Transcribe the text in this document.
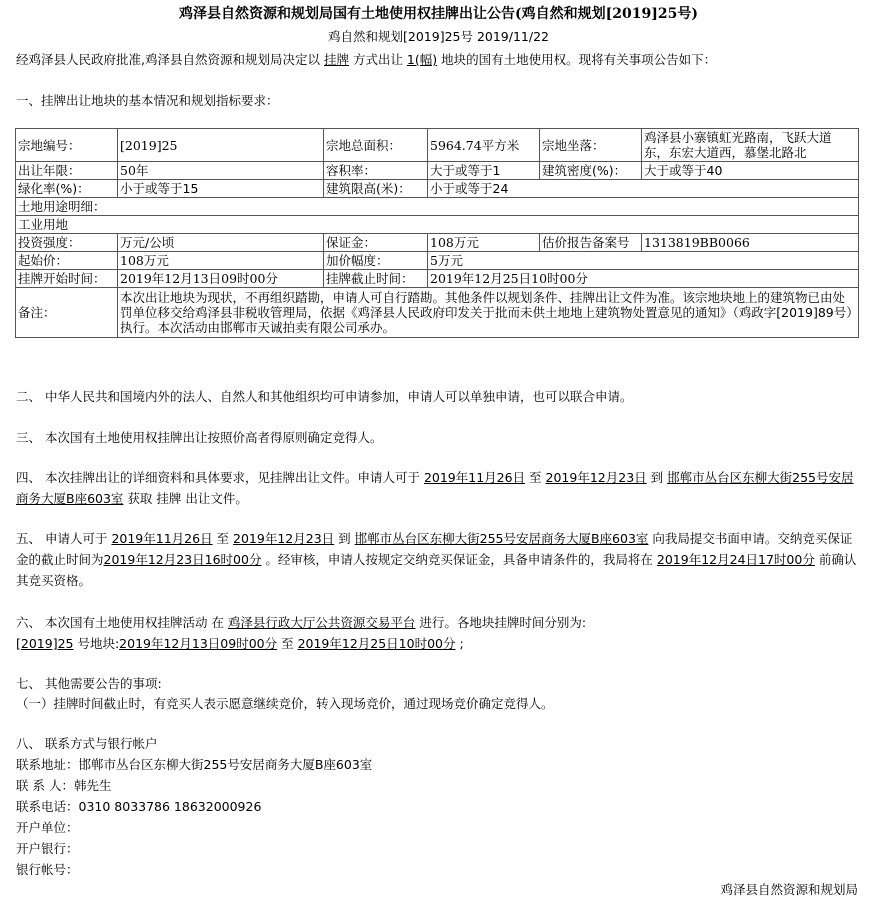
鸡泽县自然资源和规划局国有土地使用权挂牌出让公告(鸡自然和规划[2019]25号)
鸡自然和规划[2019]25号 2019/11/22
经鸡泽县人民政府批准,鸡泽县自然资源和规划局决定以 挂牌 方式出让 1(幅) 地块的国有土地使用权。现将有关事项公告如下：
一、挂牌出让地块的基本情况和规划指标要求：
宗地编号：	[2019]25	宗地总面积：	5964.74平方米	宗地坐落：	鸡泽县小寨镇虹光路南，飞跃大道东，东宏大道西，慕堡北路北
出让年限：	50年	容积率：	大于或等于1	建筑密度(%)：	大于或等于40
绿化率(%)：	小于或等于15	建筑限高(米)：	小于或等于24		
土地用途明细：					
工业用地					
投资强度：	万元/公顷	保证金：	108万元	估价报告备案号	1313819BB0066
起始价：	108万元	加价幅度：	5万元		
挂牌开始时间：	2019年12月13日09时00分	挂牌截止时间：	2019年12月25日10时00分		
备注：	本次出让地块为现状，不再组织踏勘，申请人可自行踏勘。其他条件以规划条件、挂牌出让文件为准。该宗地块地上的建筑物已由处罚单位移交给鸡泽县非税收管理局，依据《鸡泽县人民政府印发关于批而未供土地地上建筑物处置意见的通知》（鸡政字[2019]89号）执行。本次活动由邯郸市天诚拍卖有限公司承办。				
二、 中华人民共和国境内外的法人、自然人和其他组织均可申请参加，申请人可以单独申请，也可以联合申请。
三、 本次国有土地使用权挂牌出让按照价高者得原则确定竞得人。
四、 本次挂牌出让的详细资料和具体要求，见挂牌出让文件。申请人可于 2019年11月26日 至 2019年12月23日 到 邯郸市丛台区东柳大街255号安居商务大厦B座603室 获取 挂牌 出让文件。
五、 申请人可于 2019年11月26日 至 2019年12月23日 到 邯郸市丛台区东柳大街255号安居商务大厦B座603室 向我局提交书面申请。交纳竞买保证金的截止时间为2019年12月23日16时00分 。经审核，申请人按规定交纳竞买保证金，具备申请条件的，我局将在 2019年12月24日17时00分 前确认其竞买资格。
六、 本次国有土地使用权挂牌活动 在 鸡泽县行政大厅公共资源交易平台 进行。各地块挂牌时间分别为:
[2019]25 号地块:2019年12月13日09时00分 至 2019年12月25日10时00分 ;
七、 其他需要公告的事项:
（一）挂牌时间截止时，有竞买人表示愿意继续竞价，转入现场竞价，通过现场竞价确定竞得人。
八、 联系方式与银行帐户
联系地址：邯郸市丛台区东柳大街255号安居商务大厦B座603室
联 系 人：韩先生
联系电话：0310 8033786 18632000926
开户单位：
开户银行：
银行帐号：
鸡泽县自然资源和规划局
